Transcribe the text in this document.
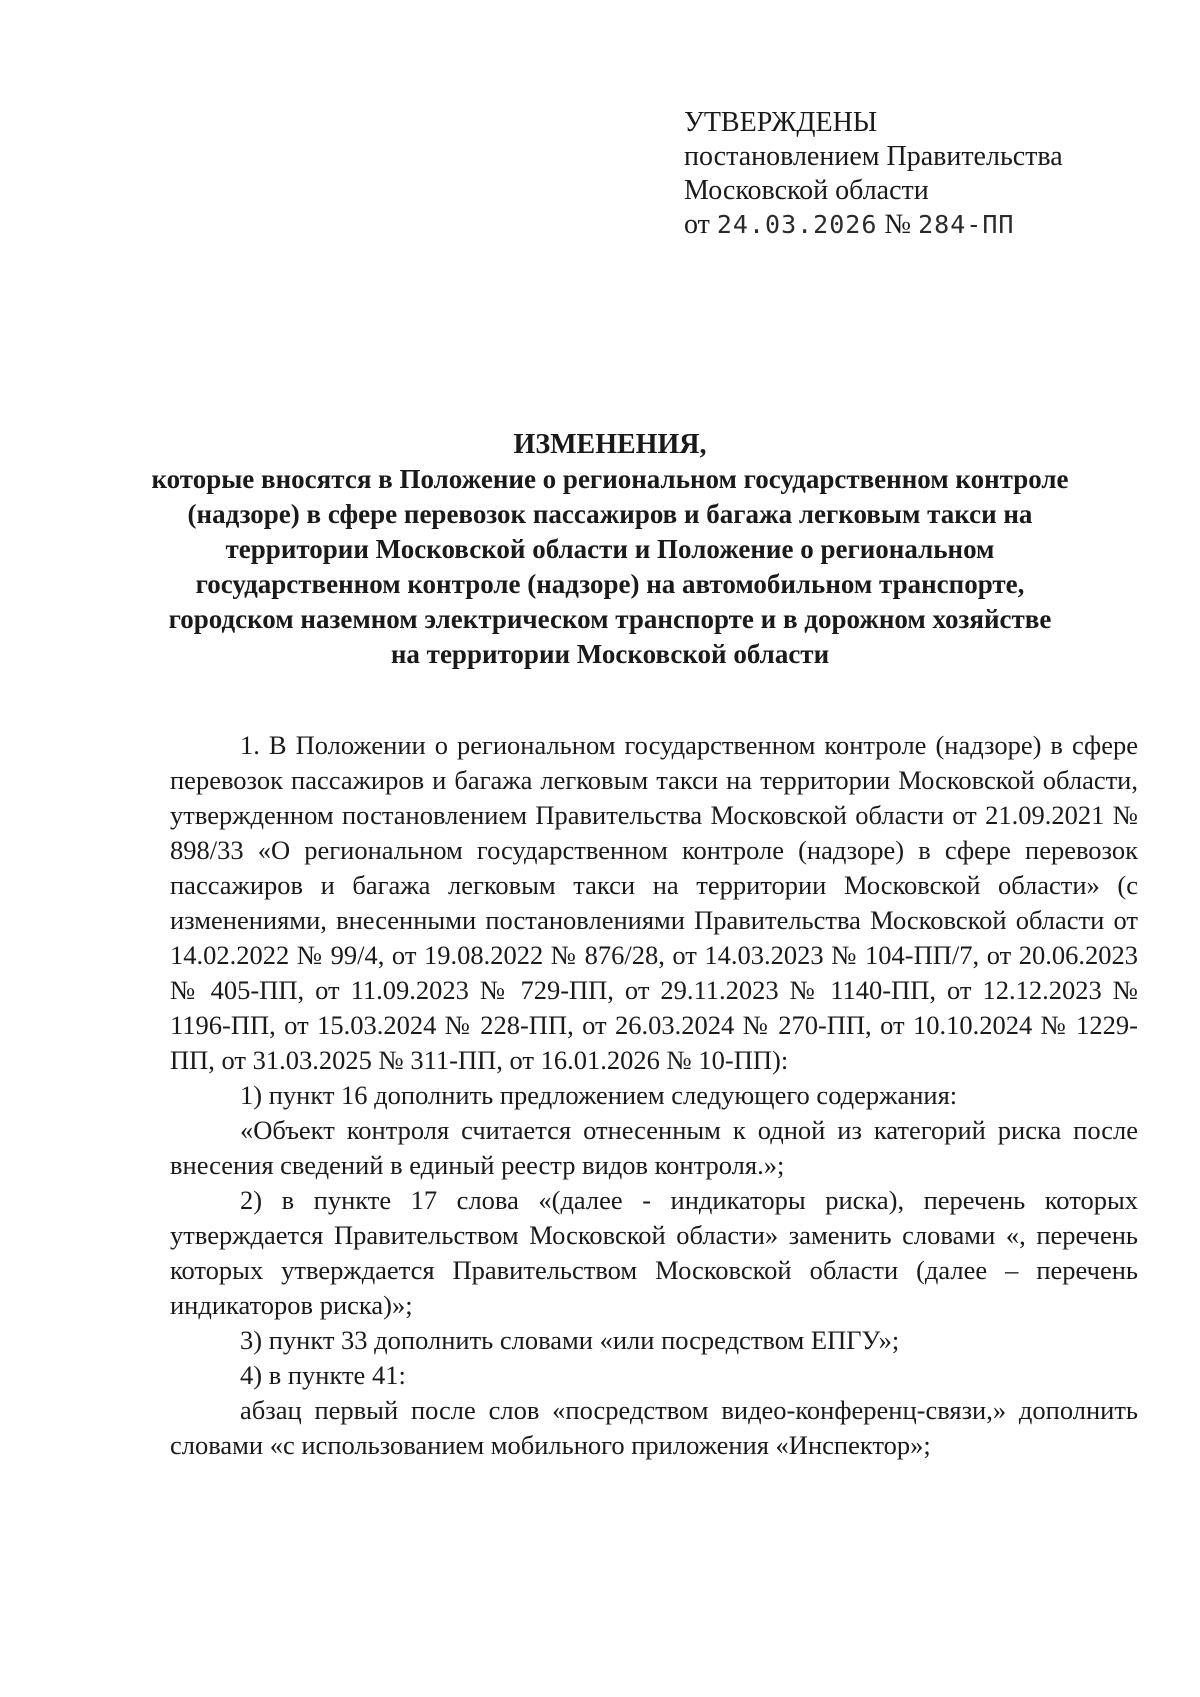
УТВЕРЖДЕНЫ
постановлением Правительства
Московской области
от 24.03.2026 № 284-ПП
ИЗМЕНЕНИЯ,
которые вносятся в Положение о региональном государственном контроле
(надзоре) в сфере перевозок пассажиров и багажа легковым такси на
территории Московской области и Положение о региональном
государственном контроле (надзоре) на автомобильном транспорте,
городском наземном электрическом транспорте и в дорожном хозяйстве
на территории Московской области

1. В Положении о региональном государственном контроле (надзоре) в сфере перевозок пассажиров и багажа легковым такси на территории Московской области, утвержденном постановлением Правительства Московской области от 21.09.2021 № 898/33 «О региональном государственном контроле (надзоре) в сфере перевозок пассажиров и багажа легковым такси на территории Московской области» (с изменениями, внесенными постановлениями Правительства Московской области от 14.02.2022 № 99/4, от 19.08.2022 № 876/28, от 14.03.2023 № 104-ПП/7, от 20.06.2023 № 405-ПП, от 11.09.2023 № 729-ПП, от 29.11.2023 № 1140-ПП, от 12.12.2023 № 1196-ПП, от 15.03.2024 № 228-ПП, от 26.03.2024 № 270-ПП, от 10.10.2024 № 1229-ПП, от 31.03.2025 № 311-ПП, от 16.01.2026 № 10-ПП):

1) пункт 16 дополнить предложением следующего содержания:

«Объект контроля считается отнесенным к одной из категорий риска после внесения сведений в единый реестр видов контроля.»;

2) в пункте 17 слова «(далее - индикаторы риска), перечень которых утверждается Правительством Московской области» заменить словами «, перечень которых утверждается Правительством Московской области (далее – перечень индикаторов риска)»;

3) пункт 33 дополнить словами «или посредством ЕПГУ»;

4) в пункте 41:

абзац первый после слов «посредством видео-конференц-связи,» дополнить словами «с использованием мобильного приложения «Инспектор»;
